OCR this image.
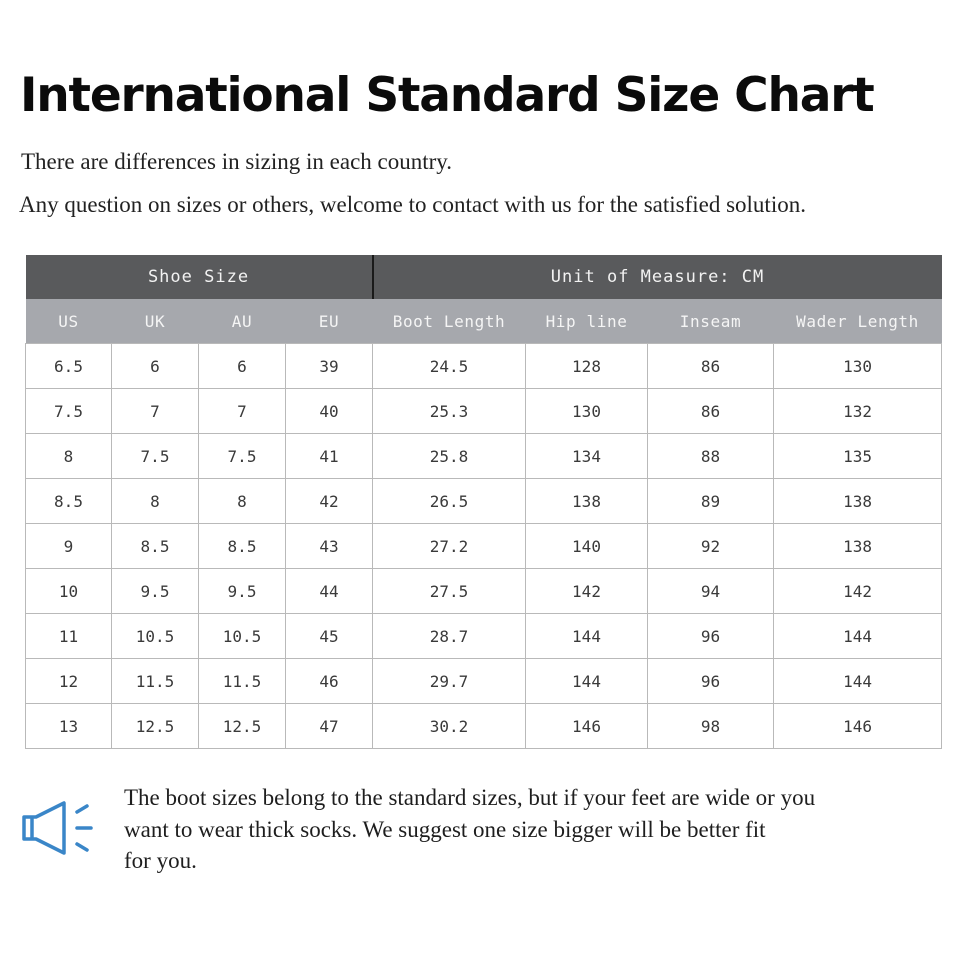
International Standard Size Chart

There are differences in sizing in each country.

Any question on sizes or others, welcome to contact with us for the satisfied solution.

Shoe Size				Unit of Measure: CM			
US	UK	AU	EU	Boot Length	Hip line	Inseam	Wader Length
6.5	6	6	39	24.5	128	86	130
7.5	7	7	40	25.3	130	86	132
8	7.5	7.5	41	25.8	134	88	135
8.5	8	8	42	26.5	138	89	138
9	8.5	8.5	43	27.2	140	92	138
10	9.5	9.5	44	27.5	142	94	142
11	10.5	10.5	45	28.7	144	96	144
12	11.5	11.5	46	29.7	144	96	144
13	12.5	12.5	47	30.2	146	98	146

The boot sizes belong to the standard sizes, but if your feet are wide or you
want to wear thick socks. We suggest one size bigger will be better fit
for you.
